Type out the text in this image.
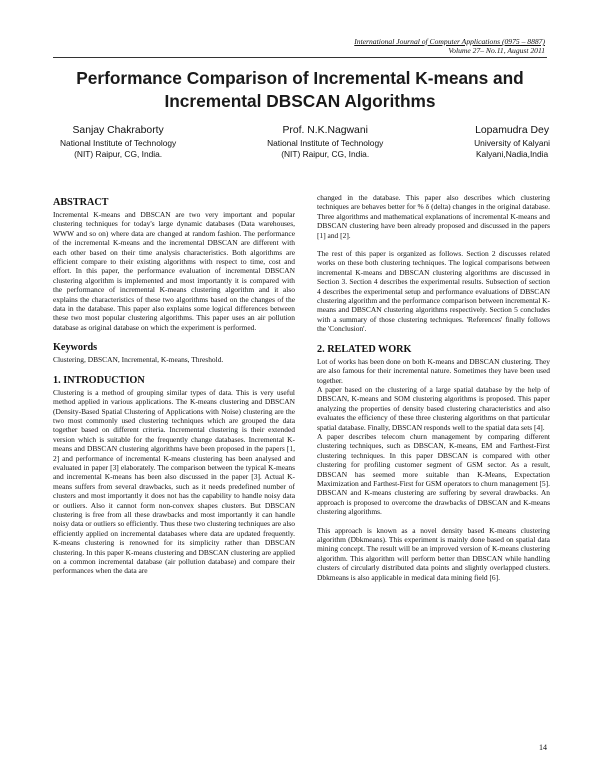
International Journal of Computer Applications (0975 – 8887)
Volume 27– No.11, August 2011
Performance Comparison of Incremental K-means and
Incremental DBSCAN Algorithms
Sanjay Chakraborty
National Institute of Technology
(NIT) Raipur, CG, India.
Prof. N.K.Nagwani
National Institute of Technology
(NIT) Raipur, CG, India.
Lopamudra Dey
University of Kalyani
Kalyani,Nadia,India
ABSTRACT

Incremental K-means and DBSCAN are two very important and popular clustering techniques for today's large dynamic databases (Data warehouses, WWW and so on) where data are changed at random fashion. The performance of the incremental K-means and the incremental DBSCAN are different with each other based on their time analysis characteristics. Both algorithms are efficient compare to their existing algorithms with respect to time, cost and effort. In this paper, the performance evaluation of incremental DBSCAN clustering algorithm is implemented and most importantly it is compared with the performance of incremental K-means clustering algorithm and it also explains the characteristics of these two algorithms based on the changes of the data in the database. This paper also explains some logical differences between these two most popular clustering algorithms. This paper uses an air pollution database as original database on which the experiment is performed.

Keywords

Clustering, DBSCAN, Incremental, K-means, Threshold.

1. INTRODUCTION

Clustering is a method of grouping similar types of data. This is very useful method applied in various applications. The K-means clustering and DBSCAN (Density-Based Spatial Clustering of Applications with Noise) clustering are the two most commonly used clustering techniques which are grouped the data together based on different criteria. Incremental clustering is their extended version which is suitable for the frequently change databases. Incremental K-means and DBSCAN clustering algorithms have been proposed in the papers [1, 2] and performance of incremental K-means clustering has been analysed and evaluated in paper [3] elaborately. The comparison between the typical K-means and incremental K-means has been also discussed in the paper [3]. Actual K-means suffers from several drawbacks, such as it needs predefined number of clusters and most importantly it does not has the capability to handle noisy data or outliers. Also it cannot form non-convex shapes clusters. But DBSCAN clustering is free from all these drawbacks and most importantly it can handle noisy data or outliers so efficiently. Thus these two clustering techniques are also efficiently applied on incremental databases where data are updated frequently. K-means clustering is renowned for its simplicity rather than DBSCAN clustering. In this paper K-means clustering and DBSCAN clustering are applied on a common incremental database (air pollution database) and compare their performances when the data are

changed in the database. This paper also describes which clustering techniques are behaves better for % δ (delta) changes in the original database. Three algorithms and mathematical explanations of incremental K-means and DBSCAN clustering have been already proposed and discussed in the papers [1] and [2].

The rest of this paper is organized as follows. Section 2 discusses related works on these both clustering techniques. The logical comparisons between incremental K-means and DBSCAN clustering algorithms are discussed in Section 3. Section 4 describes the experimental results. Subsection of section 4 describes the experimental setup and performance evaluations of DBSCAN clustering algorithm and the performance comparison between incremental K-means and DBSCAN clustering algorithms respectively. Section 5 concludes with a summary of those clustering techniques. 'References' finally follows the 'Conclusion'.

2. RELATED WORK

Lot of works has been done on both K-means and DBSCAN clustering. They are also famous for their incremental nature. Sometimes they have been used together.

A paper based on the clustering of a large spatial database by the help of DBSCAN, K-means and SOM clustering algorithms is proposed. This paper analyzing the properties of density based clustering characteristics and also evaluates the efficiency of these three clustering algorithms on that particular spatial database. Finally, DBSCAN responds well to the spatial data sets [4].

A paper describes telecom churn management by comparing different clustering techniques, such as DBSCAN, K-means, EM and Farthest-First clustering techniques. In this paper DBSCAN is compared with other clustering for profiling customer segment of GSM sector. As a result, DBSCAN has seemed more suitable than K-Means, Expectation Maximization and Farthest-First for GSM operators to churn management [5].

DBSCAN and K-means clustering are suffering by several drawbacks. An approach is proposed to overcome the drawbacks of DBSCAN and K-means clustering algorithms.

This approach is known as a novel density based K-means clustering algorithm (Dbkmeans). This experiment is mainly done based on spatial data mining concept. The result will be an improved version of K-means clustering algorithm. This algorithm will perform better than DBSCAN while handling clusters of circularly distributed data points and slightly overlapped clusters. Dbkmeans is also applicable in medical data mining field [6].

14
